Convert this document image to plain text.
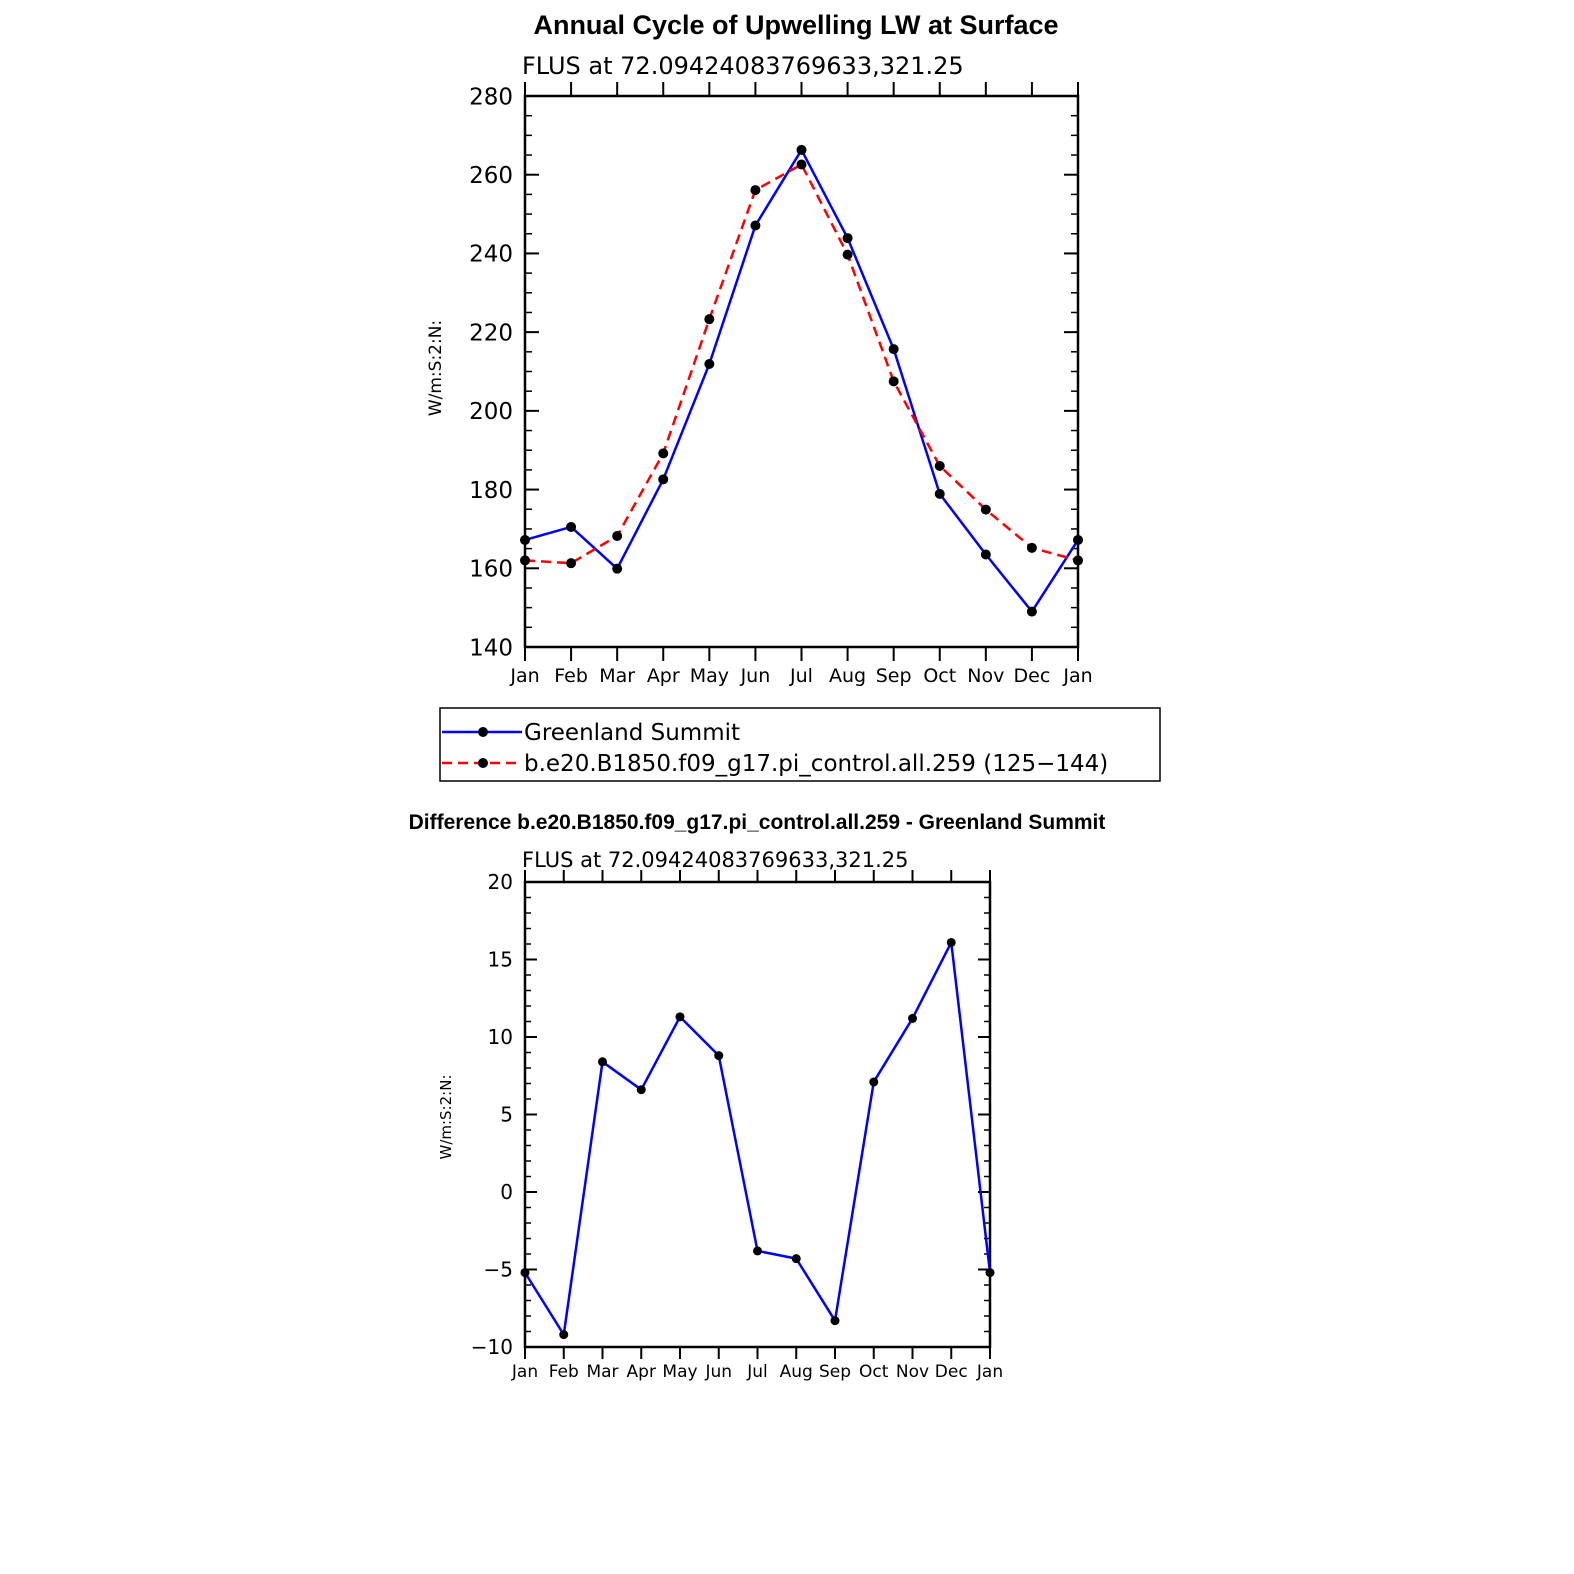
Annual Cycle of Upwelling LW at Surface
FLUS at 72.09424083769633,321.25
W/m:S:2:N:
Jan Feb Mar Apr May Jun Jul Aug Sep Oct Nov Dec Jan
140
160
180
200
220
240
260
280
Greenland Summit
b.e20.B1850.f09_g17.pi_control.all.259 (125−144)
Difference b.e20.B1850.f09_g17.pi_control.all.259 - Greenland Summit
FLUS at 72.09424083769633,321.25
W/m:S:2:N:
Jan Feb Mar Apr May Jun Jul Aug Sep Oct Nov Dec Jan
−10
−5
0
5
10
15
20
